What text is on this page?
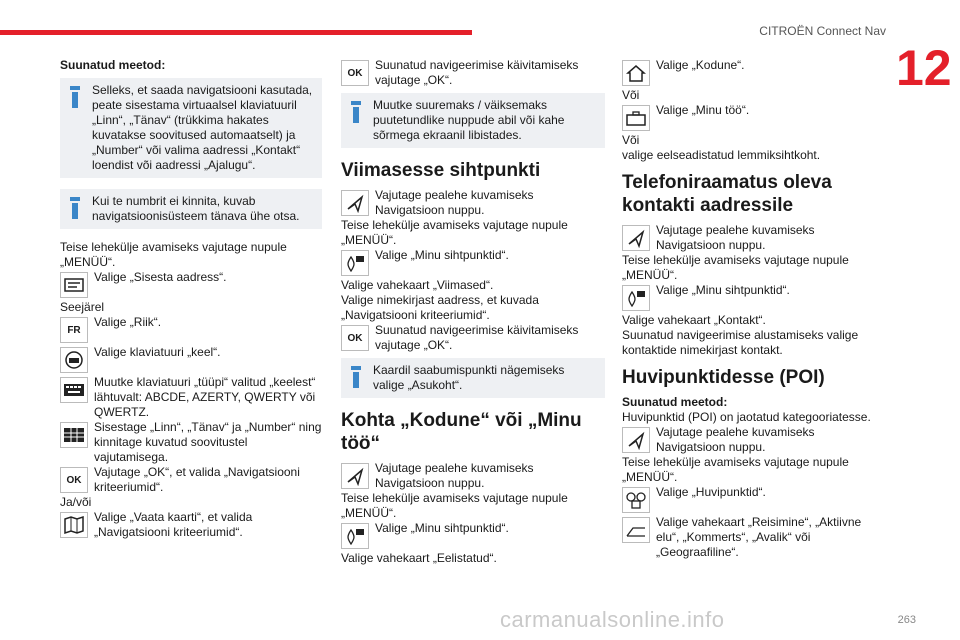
CITROËN Connect Nav
12

Suunatud meetod:

Selleks, et saada navigatsiooni kasutada, peate sisestama virtuaalsel klaviatuuril „Linn“, „Tänav“ (trükkima hakates kuvatakse soovitused automaatselt) ja „Number“ või valima aadressi „Kontakt“ loendist või aadressi „Ajalugu“.

Kui te numbrit ei kinnita, kuvab navigatsioonisüsteem tänava ühe otsa.

Teise lehekülje avamiseks vajutage nupule „MENÜÜ“.

Valige „Sisesta aadress“.

Seejärel

FR

Valige „Riik“.

Valige klaviatuuri „keel“.

Muutke klaviatuuri „tüüpi“ valitud „keelest“ lähtuvalt: ABCDE, AZERTY, QWERTY või QWERTZ.

Sisestage „Linn“, „Tänav“ ja „Number“ ning kinnitage kuvatud soovitustel vajutamisega.

OK

Vajutage „OK“, et valida „Navigatsiooni kriteeriumid“.

Ja/või

Valige „Vaata kaarti“, et valida „Navigatsiooni kriteeriumid“.

OK

Suunatud navigeerimise käivitamiseks vajutage „OK“.

Muutke suuremaks / väiksemaks puutetundlike nuppude abil või kahe sõrmega ekraanil libistades.

Viimasesse sihtpunkti

Vajutage pealehe kuvamiseks Navigatsioon nuppu.

Teise lehekülje avamiseks vajutage nupule „MENÜÜ“.

Valige „Minu sihtpunktid“.

Valige vahekaart „Viimased“.

Valige nimekirjast aadress, et kuvada „Navigatsiooni kriteeriumid“.

OK

Suunatud navigeerimise käivitamiseks vajutage „OK“.

Kaardil saabumispunkti nägemiseks valige „Asukoht“.

Kohta „Kodune“ või „Minu töö“

Vajutage pealehe kuvamiseks Navigatsioon nuppu.

Teise lehekülje avamiseks vajutage nupule „MENÜÜ“.

Valige „Minu sihtpunktid“.

Valige vahekaart „Eelistatud“.

Valige „Kodune“.

Või

Valige „Minu töö“.

Või

valige eelseadistatud lemmiksihtkoht.

Telefoniraamatus oleva kontakti aadressile

Vajutage pealehe kuvamiseks Navigatsioon nuppu.

Teise lehekülje avamiseks vajutage nupule „MENÜÜ“.

Valige „Minu sihtpunktid“.

Valige vahekaart „Kontakt“.

Suunatud navigeerimise alustamiseks valige kontaktide nimekirjast kontakt.

Huvipunktidesse (POI)

Suunatud meetod:

Huvipunktid (POI) on jaotatud kategooriatesse.

Vajutage pealehe kuvamiseks Navigatsioon nuppu.

Teise lehekülje avamiseks vajutage nupule „MENÜÜ“.

Valige „Huvipunktid“.

Valige vahekaart „Reisimine“, „Aktiivne elu“, „Kommerts“, „Avalik“ või „Geograafiline“.

carmanualsonline.info	263
